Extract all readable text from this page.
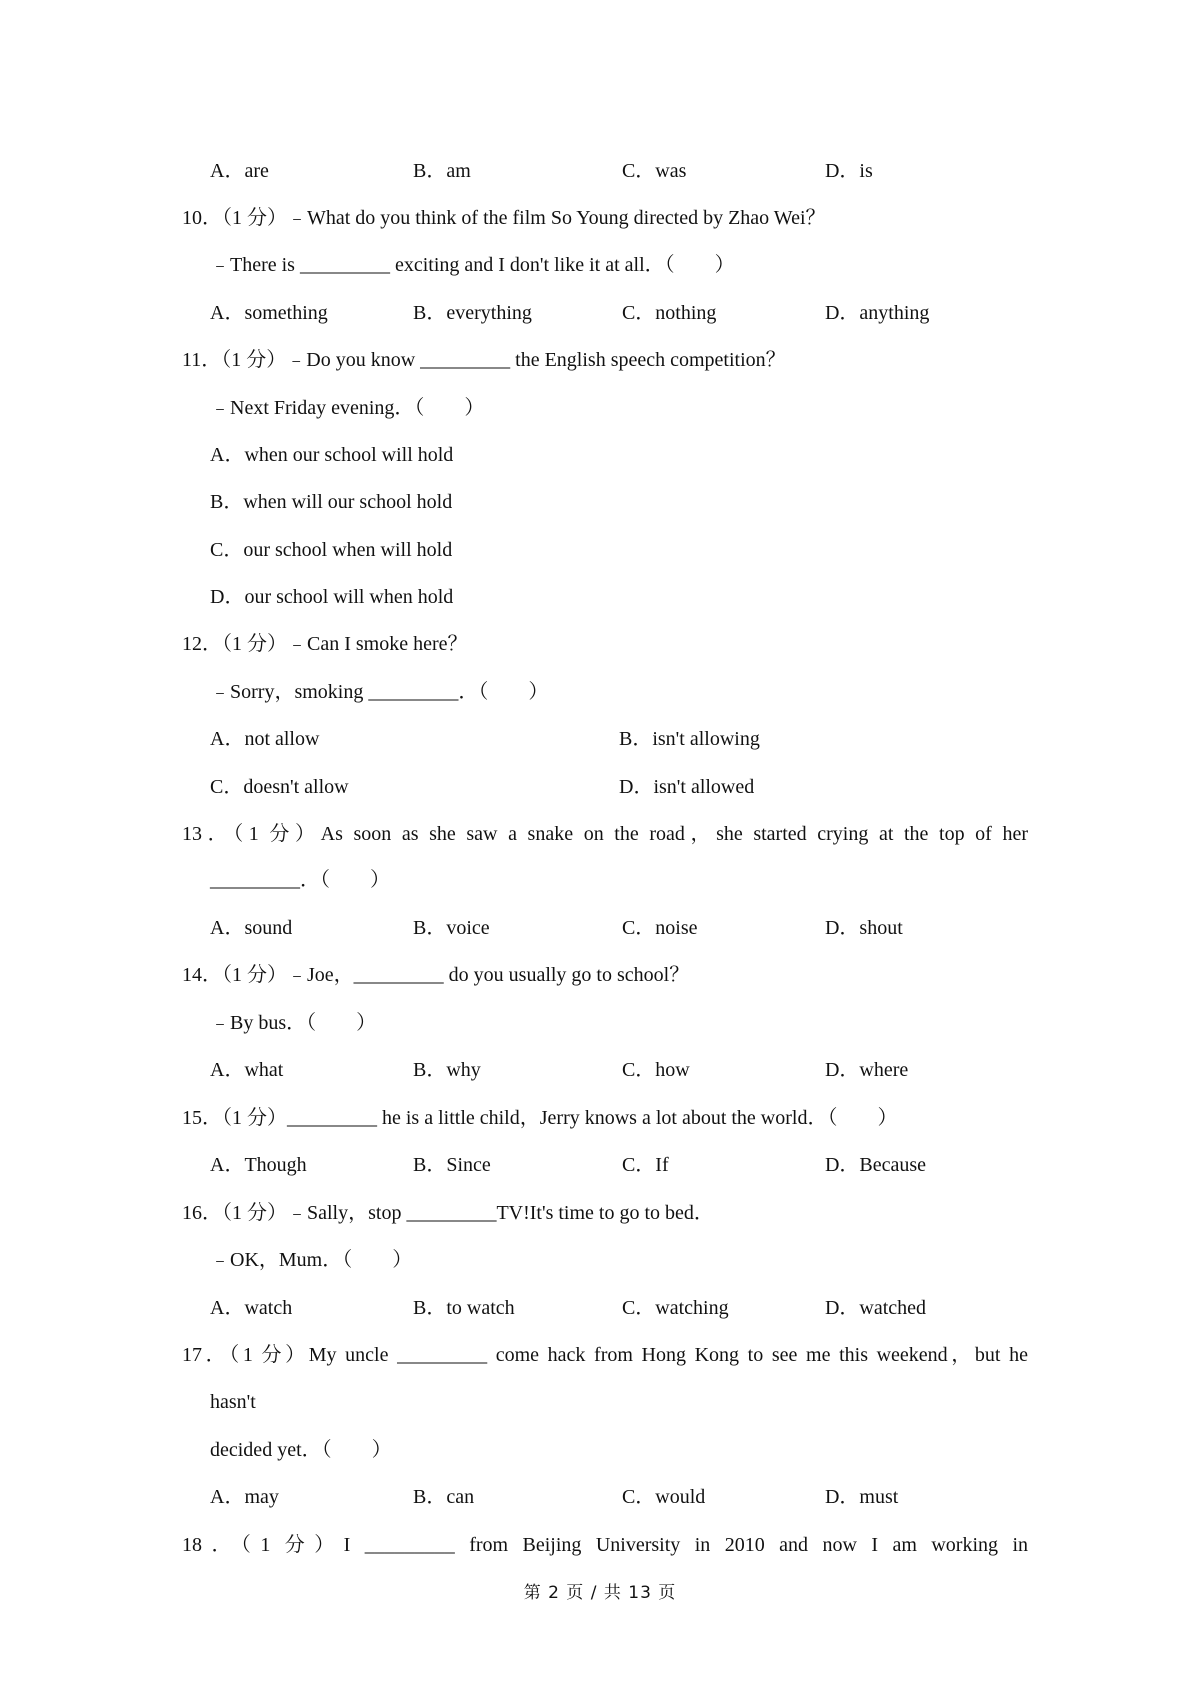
A．are	B．am	C．was	D．is
10．（1 分）﹣What do you think of the film So Young directed by Zhao Wei？
﹣There is _________ exciting and I don't like it at all．（　　）
A．something	B．everything	C．nothing	D．anything
11．（1 分）﹣Do you know _________ the English speech competition？
﹣Next Friday evening．（　　）
A．when our school will hold
B．when will our school hold
C．our school when will hold
D．our school will when hold
12．（1 分）﹣Can I smoke here？
﹣Sorry，smoking _________．（　　）
A．not allow	B．isn't allowing
C．doesn't allow	D．isn't allowed
13．（1 分）As soon as she saw a snake on the road，she started crying at the top of her
_________．（　　）
A．sound	B．voice	C．noise	D．shout
14．（1 分）﹣Joe，_________ do you usually go to school？
﹣By bus．（　　）
A．what	B．why	C．how	D．where
15．（1 分）_________ he is a little child，Jerry knows a lot about the world．（　　）
A．Though	B．Since	C．If	D．Because
16．（1 分）﹣Sally，stop _________TV!It's time to go to bed．
﹣OK，Mum．（　　）
A．watch	B．to watch	C．watching	D．watched
17．（1 分）My uncle _________ come hack from Hong Kong to see me this weekend，but he
hasn't
decided yet．（　　）
A．may	B．can	C．would	D．must
18．（1 分）I _________ from Beijing University in 2010 and now I am working in
第 2 页 / 共 13 页
